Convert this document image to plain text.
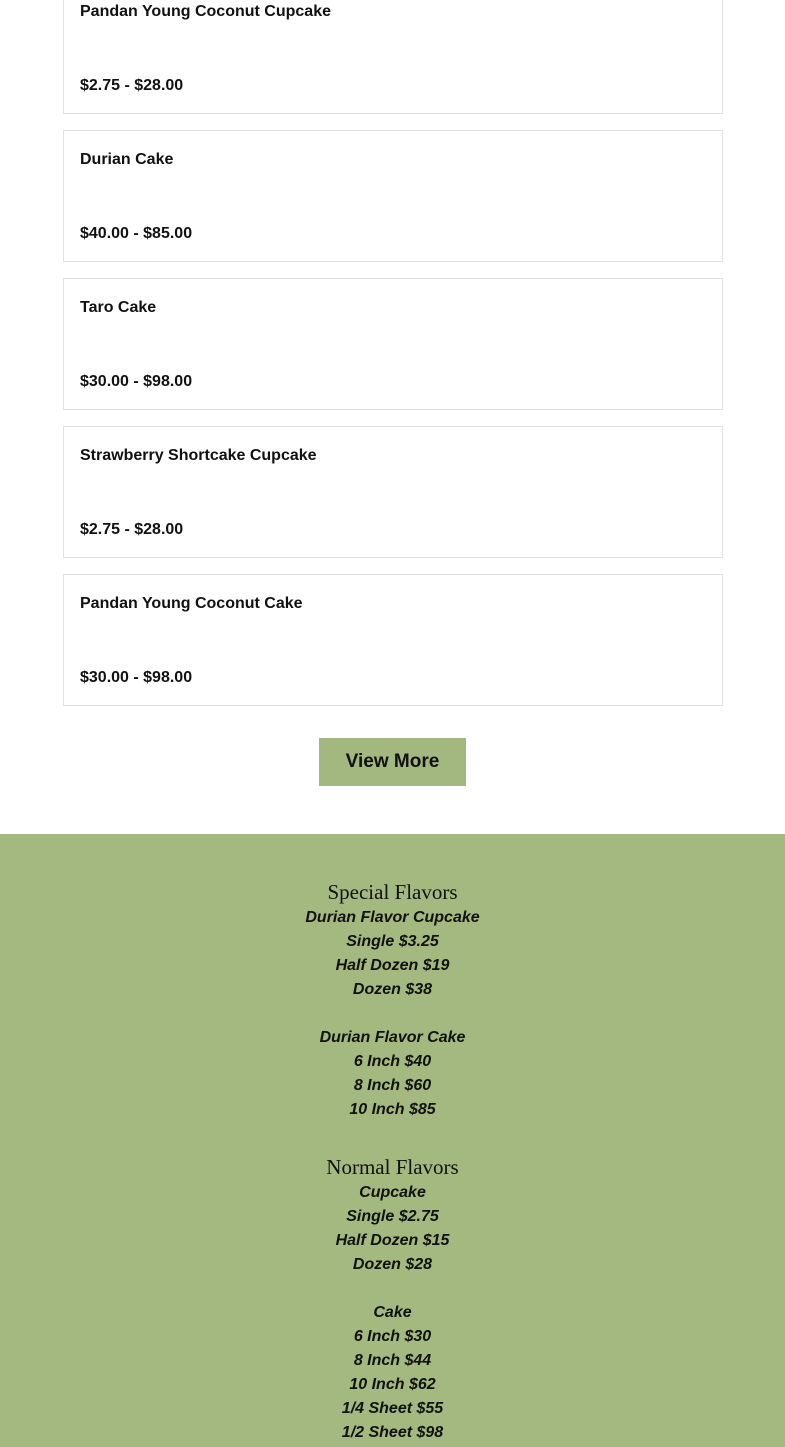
Pandan Young Coconut Cupcake
$2.75 - $28.00
Durian Cake
$40.00 - $85.00
Taro Cake
$30.00 - $98.00
Strawberry Shortcake Cupcake
$2.75 - $28.00
Pandan Young Coconut Cake
$30.00 - $98.00
View More
Special Flavors
Durian Flavor Cupcake
Single $3.25
Half Dozen $19
Dozen $38
Durian Flavor Cake
6 Inch $40
8 Inch $60
10 Inch $85
Normal Flavors
Cupcake
Single $2.75
Half Dozen $15
Dozen $28
Cake
6 Inch $30
8 Inch $44
10 Inch $62
1/4 Sheet $55
1/2 Sheet $98
